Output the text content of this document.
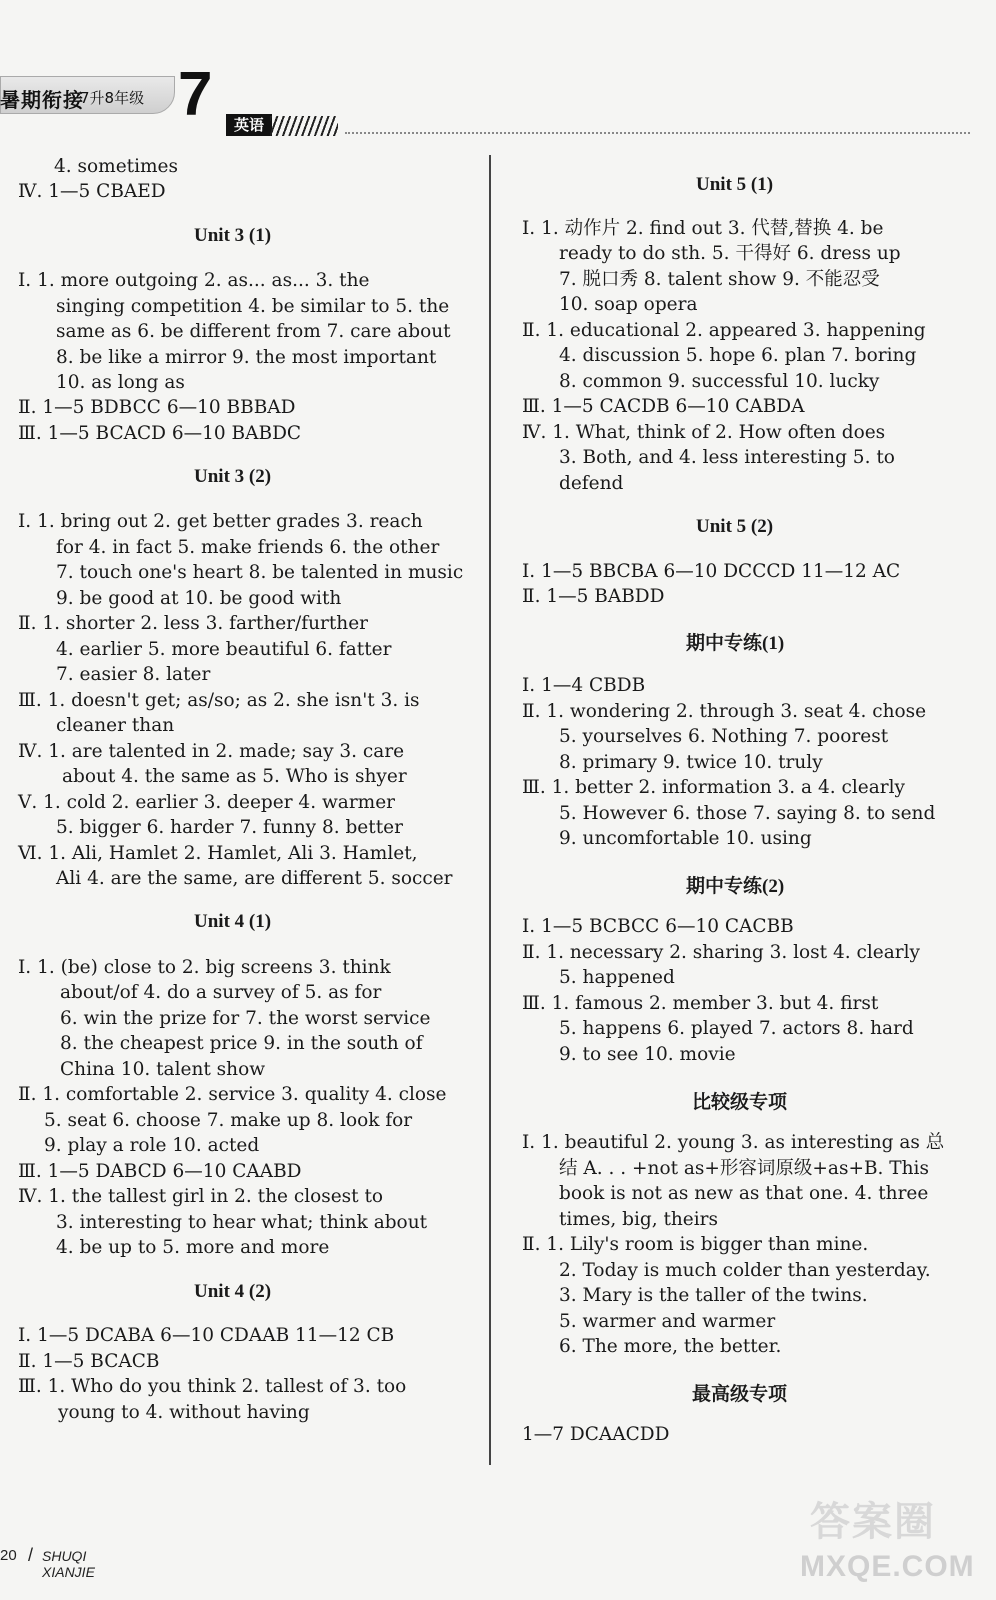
暑期衔接
7升8年级 7	英语
4. sometimes
Ⅳ. 1—5 CBAED
Unit 3 (1)
Ⅰ. 1. more outgoing 2. as... as... 3. the
singing competition 4. be similar to 5. the
same as 6. be different from 7. care about
8. be like a mirror 9. the most important
10. as long as
Ⅱ. 1—5 BDBCC 6—10 BBBAD
Ⅲ. 1—5 BCACD 6—10 BABDC
Unit 3 (2)
Ⅰ. 1. bring out 2. get better grades 3. reach
for 4. in fact 5. make friends 6. the other
7. touch one's heart 8. be talented in music
9. be good at 10. be good with
Ⅱ. 1. shorter 2. less 3. farther/further
4. earlier 5. more beautiful 6. fatter
7. easier 8. later
Ⅲ. 1. doesn't get; as/so; as 2. she isn't 3. is
cleaner than
Ⅳ. 1. are talented in 2. made; say 3. care
about 4. the same as 5. Who is shyer
Ⅴ. 1. cold 2. earlier 3. deeper 4. warmer
5. bigger 6. harder 7. funny 8. better
Ⅵ. 1. Ali, Hamlet 2. Hamlet, Ali 3. Hamlet,
Ali 4. are the same, are different 5. soccer
Unit 4 (1)
Ⅰ. 1. (be) close to 2. big screens 3. think
about/of 4. do a survey of 5. as for
6. win the prize for 7. the worst service
8. the cheapest price 9. in the south of
China 10. talent show
Ⅱ. 1. comfortable 2. service 3. quality 4. close
5. seat 6. choose 7. make up 8. look for
9. play a role 10. acted
Ⅲ. 1—5 DABCD 6—10 CAABD
Ⅳ. 1. the tallest girl in 2. the closest to
3. interesting to hear what; think about
4. be up to 5. more and more
Unit 4 (2)
Ⅰ. 1—5 DCABA 6—10 CDAAB 11—12 CB
Ⅱ. 1—5 BCACB
Ⅲ. 1. Who do you think 2. tallest of 3. too
young to 4. without having
Unit 5 (1)
Ⅰ. 1. 动作片 2. find out 3. 代替,替换 4. be
ready to do sth. 5. 干得好 6. dress up
7. 脱口秀 8. talent show 9. 不能忍受
10. soap opera
Ⅱ. 1. educational 2. appeared 3. happening
4. discussion 5. hope 6. plan 7. boring
8. common 9. successful 10. lucky
Ⅲ. 1—5 CACDB 6—10 CABDA
Ⅳ. 1. What, think of 2. How often does
3. Both, and 4. less interesting 5. to
defend
Unit 5 (2)
Ⅰ. 1—5 BBCBA 6—10 DCCCD 11—12 AC
Ⅱ. 1—5 BABDD
期中专练(1)
Ⅰ. 1—4 CBDB
Ⅱ. 1. wondering 2. through 3. seat 4. chose
5. yourselves 6. Nothing 7. poorest
8. primary 9. twice 10. truly
Ⅲ. 1. better 2. information 3. a 4. clearly
5. However 6. those 7. saying 8. to send
9. uncomfortable 10. using
期中专练(2)
Ⅰ. 1—5 BCBCC 6—10 CACBB
Ⅱ. 1. necessary 2. sharing 3. lost 4. clearly
5. happened
Ⅲ. 1. famous 2. member 3. but 4. first
5. happens 6. played 7. actors 8. hard
9. to see 10. movie
比较级专项
Ⅰ. 1. beautiful 2. young 3. as interesting as 总
结 A. . . +not as+形容词原级+as+B. This
book is not as new as that one. 4. three
times, big, theirs
Ⅱ. 1. Lily's room is bigger than mine.
2. Today is much colder than yesterday.
3. Mary is the taller of the twins.
5. warmer and warmer
6. The more, the better.
最高级专项
1—7 DCAACDD
20 / SHUQI XIANJIE
答案圈
MXQE.COM
